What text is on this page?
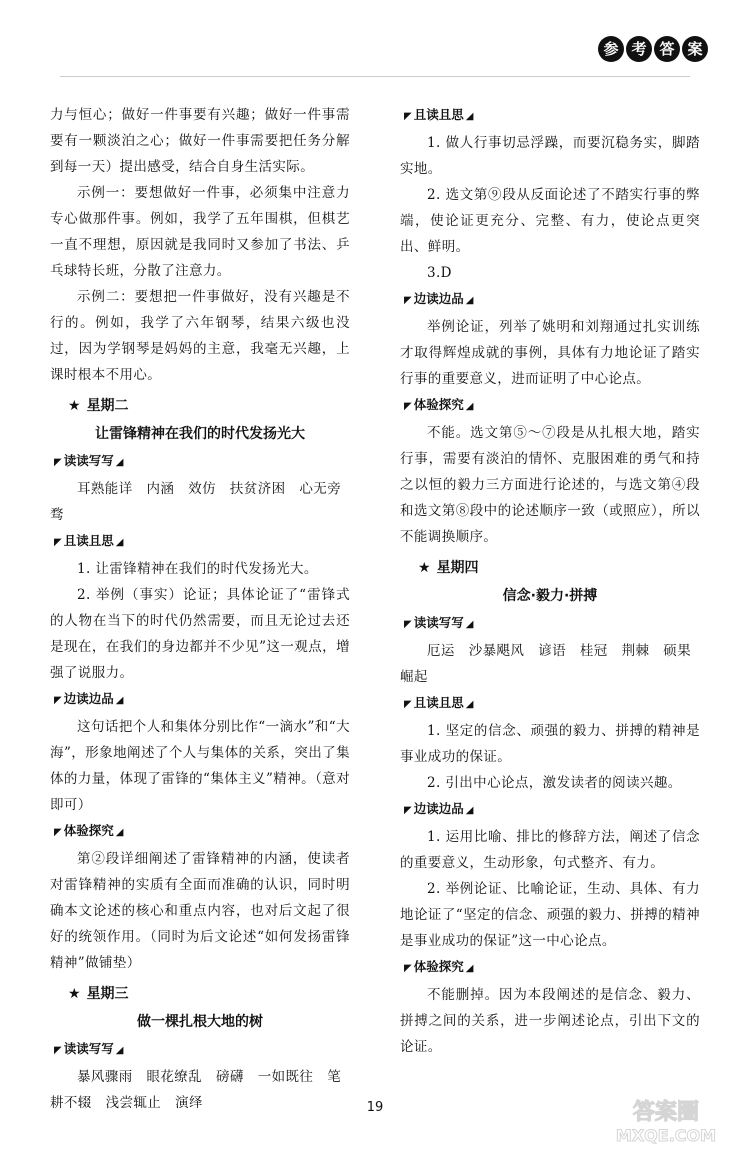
参 考 答 案

力与恒心；做好一件事要有兴趣；做好一件事需要有一颗淡泊之心；做好一件事需要把任务分解到每一天）提出感受，结合自身生活实际。

示例一：要想做好一件事，必须集中注意力专心做那件事。例如，我学了五年围棋，但棋艺一直不理想，原因就是我同时又参加了书法、乒乓球特长班，分散了注意力。

示例二：要想把一件事做好，没有兴趣是不行的。例如，我学了六年钢琴，结果六级也没过，因为学钢琴是妈妈的主意，我毫无兴趣，上课时根本不用心。

★ 星期二

让雷锋精神在我们的时代发扬光大

◤ 读读写写 ◢

耳熟能详　内涵　效仿　扶贫济困　心无旁骛

◤ 且读且思 ◢

1. 让雷锋精神在我们的时代发扬光大。

2. 举例（事实）论证；具体论证了“雷锋式的人物在当下的时代仍然需要，而且无论过去还是现在，在我们的身边都并不少见”这一观点，增强了说服力。

◤ 边读边品 ◢

这句话把个人和集体分别比作“一滴水”和“大海”，形象地阐述了个人与集体的关系，突出了集体的力量，体现了雷锋的“集体主义”精神。（意对即可）

◤ 体验探究 ◢

第②段详细阐述了雷锋精神的内涵，使读者对雷锋精神的实质有全面而准确的认识，同时明确本文论述的核心和重点内容，也对后文起了很好的统领作用。（同时为后文论述“如何发扬雷锋精神”做铺垫）

★ 星期三

做一棵扎根大地的树

◤ 读读写写 ◢

暴风骤雨　眼花缭乱　磅礴　一如既往　笔耕不辍　浅尝辄止　演绎

◤ 且读且思 ◢

1. 做人行事切忌浮躁，而要沉稳务实，脚踏实地。

2. 选文第⑨段从反面论述了不踏实行事的弊端，使论证更充分、完整、有力，使论点更突出、鲜明。

3.D

◤ 边读边品 ◢

举例论证，列举了姚明和刘翔通过扎实训练才取得辉煌成就的事例，具体有力地论证了踏实行事的重要意义，进而证明了中心论点。

◤ 体验探究 ◢

不能。选文第⑤～⑦段是从扎根大地，踏实行事，需要有淡泊的情怀、克服困难的勇气和持之以恒的毅力三方面进行论述的，与选文第④段和选文第⑧段中的论述顺序一致（或照应），所以不能调换顺序。

★ 星期四

信念·毅力·拼搏

◤ 读读写写 ◢

厄运　沙暴飓风　谚语　桂冠　荆棘　硕果　崛起

◤ 且读且思 ◢

1. 坚定的信念、顽强的毅力、拼搏的精神是事业成功的保证。

2. 引出中心论点，激发读者的阅读兴趣。

◤ 边读边品 ◢

1. 运用比喻、排比的修辞方法，阐述了信念的重要意义，生动形象，句式整齐、有力。

2. 举例论证、比喻论证，生动、具体、有力地论证了“坚定的信念、顽强的毅力、拼搏的精神是事业成功的保证”这一中心论点。

◤ 体验探究 ◢

不能删掉。因为本段阐述的是信念、毅力、拼搏之间的关系，进一步阐述论点，引出下文的论证。

19	答案圈
MXQE.COM
